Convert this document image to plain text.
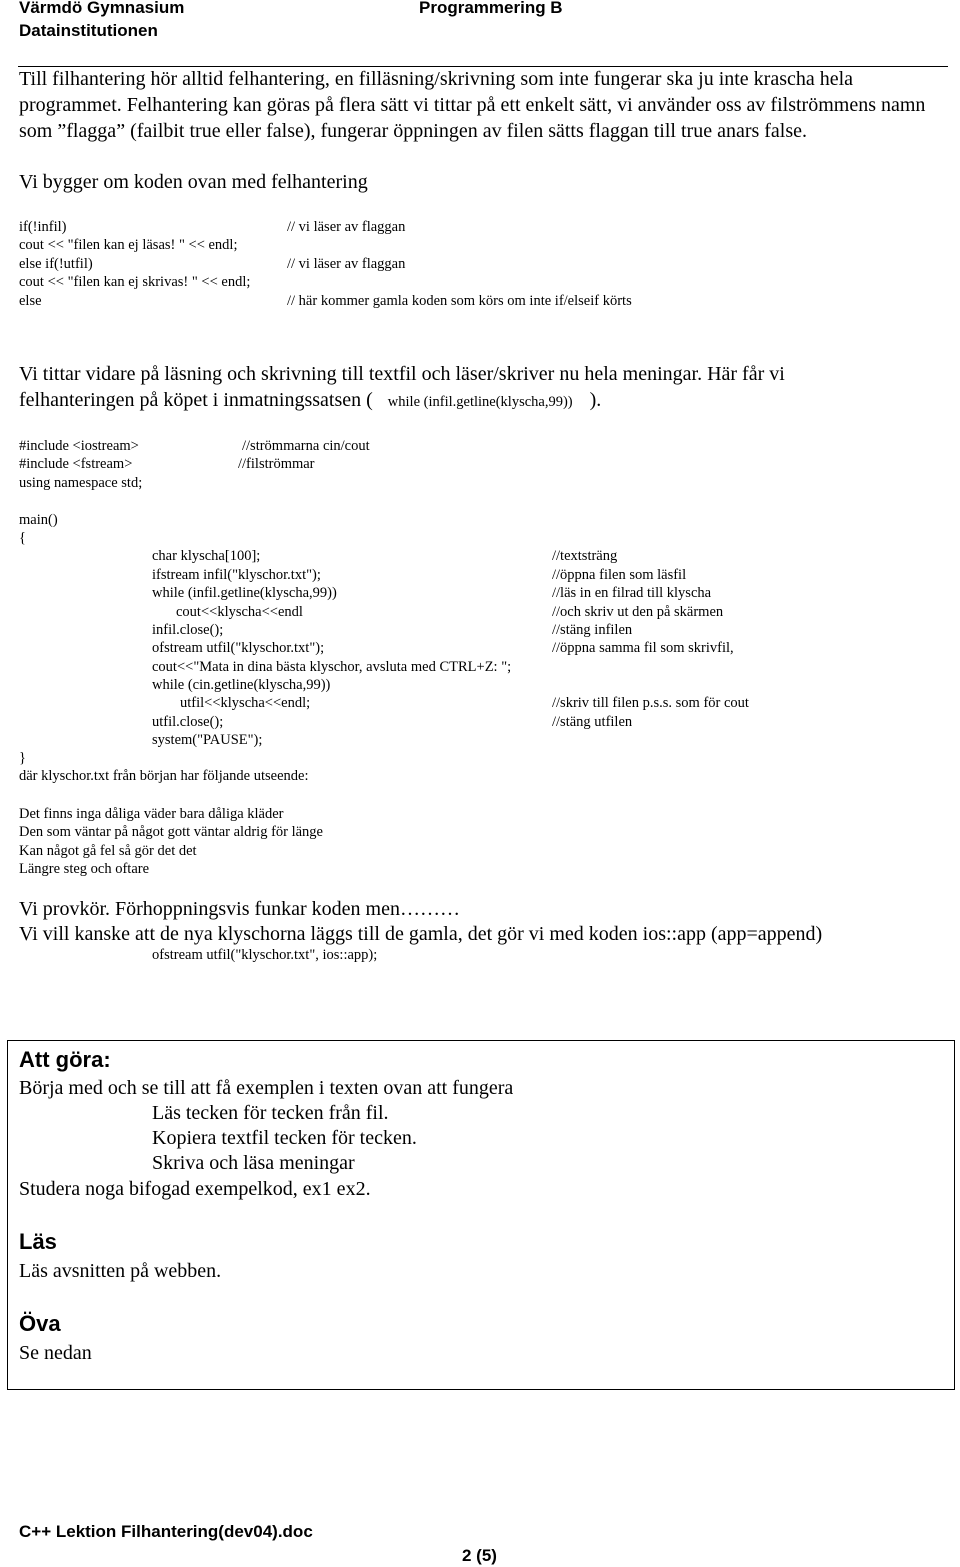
Värmdö Gymnasium
Datainstitutionen
Programmering B
Till filhantering hör alltid felhantering, en filläsning/skrivning som inte fungerar ska ju inte krascha hela programmet. Felhantering kan göras på flera sätt vi tittar på ett enkelt sätt, vi använder oss av filströmmens namn som ”flagga” (failbit true eller false), fungerar öppningen av filen sätts flaggan till true anars false.
Vi bygger om koden ovan med felhantering
if(!infil)	// vi läser av flaggan
cout << "filen kan ej läsas! " << endl;
else if(!utfil)	// vi läser av flaggan
cout << "filen kan ej skrivas! " << endl;
else	// här kommer gamla koden som körs om inte if/elseif körts
Vi tittar vidare på läsning och skrivning till textfil och läser/skriver nu hela meningar. Här får vi
felhanteringen på köpet i inmatningssatsen ( while (infil.getline(klyscha,99)) ).
#include <iostream>	//strömmarna cin/cout
#include <fstream>	//filströmmar
using namespace std;
main()
{
char klyscha[100];	//textsträng
ifstream infil("klyschor.txt");	//öppna filen som läsfil
while (infil.getline(klyscha,99))	//läs in en filrad till klyscha
cout<<klyscha<<endl	//och skriv ut den på skärmen
infil.close();	//stäng infilen
ofstream utfil("klyschor.txt");	//öppna samma fil som skrivfil,
cout<<"Mata in dina bästa klyschor, avsluta med CTRL+Z: ";
while (cin.getline(klyscha,99))
utfil<<klyscha<<endl;	//skriv till filen p.s.s. som för cout
utfil.close();	//stäng utfilen
system("PAUSE");
}
där klyschor.txt från början har följande utseende:
Det finns inga dåliga väder bara dåliga kläder
Den som väntar på något gott väntar aldrig för länge
Kan något gå fel så gör det det
Längre steg och oftare
Vi provkör. Förhoppningsvis funkar koden men………
Vi vill kanske att de nya klyschorna läggs till de gamla, det gör vi med koden ios::app (app=append)
ofstream utfil("klyschor.txt", ios::app);
Att göra:
Börja med och se till att få exemplen i texten ovan att fungera
Läs tecken för tecken från fil.
Kopiera textfil tecken för tecken.
Skriva och läsa meningar
Studera noga bifogad exempelkod, ex1 ex2.
Läs
Läs avsnitten på webben.
Öva
Se nedan
C++ Lektion Filhantering(dev04).doc
2 (5)
